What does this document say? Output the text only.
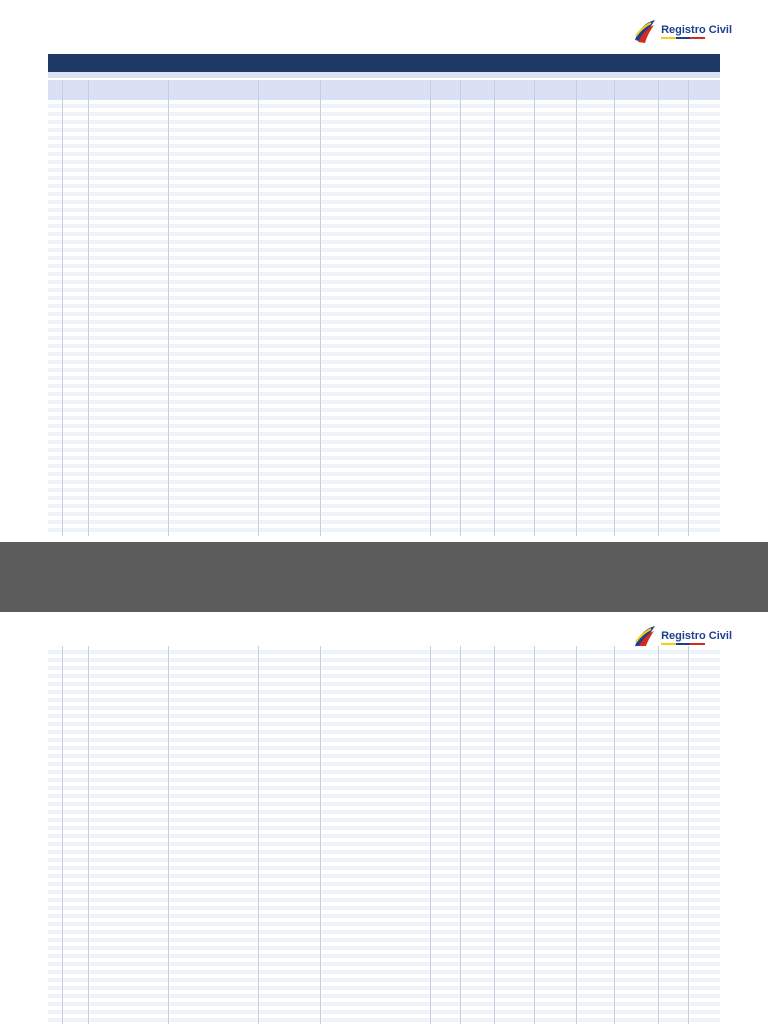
Registro Civil
Registro Civil
